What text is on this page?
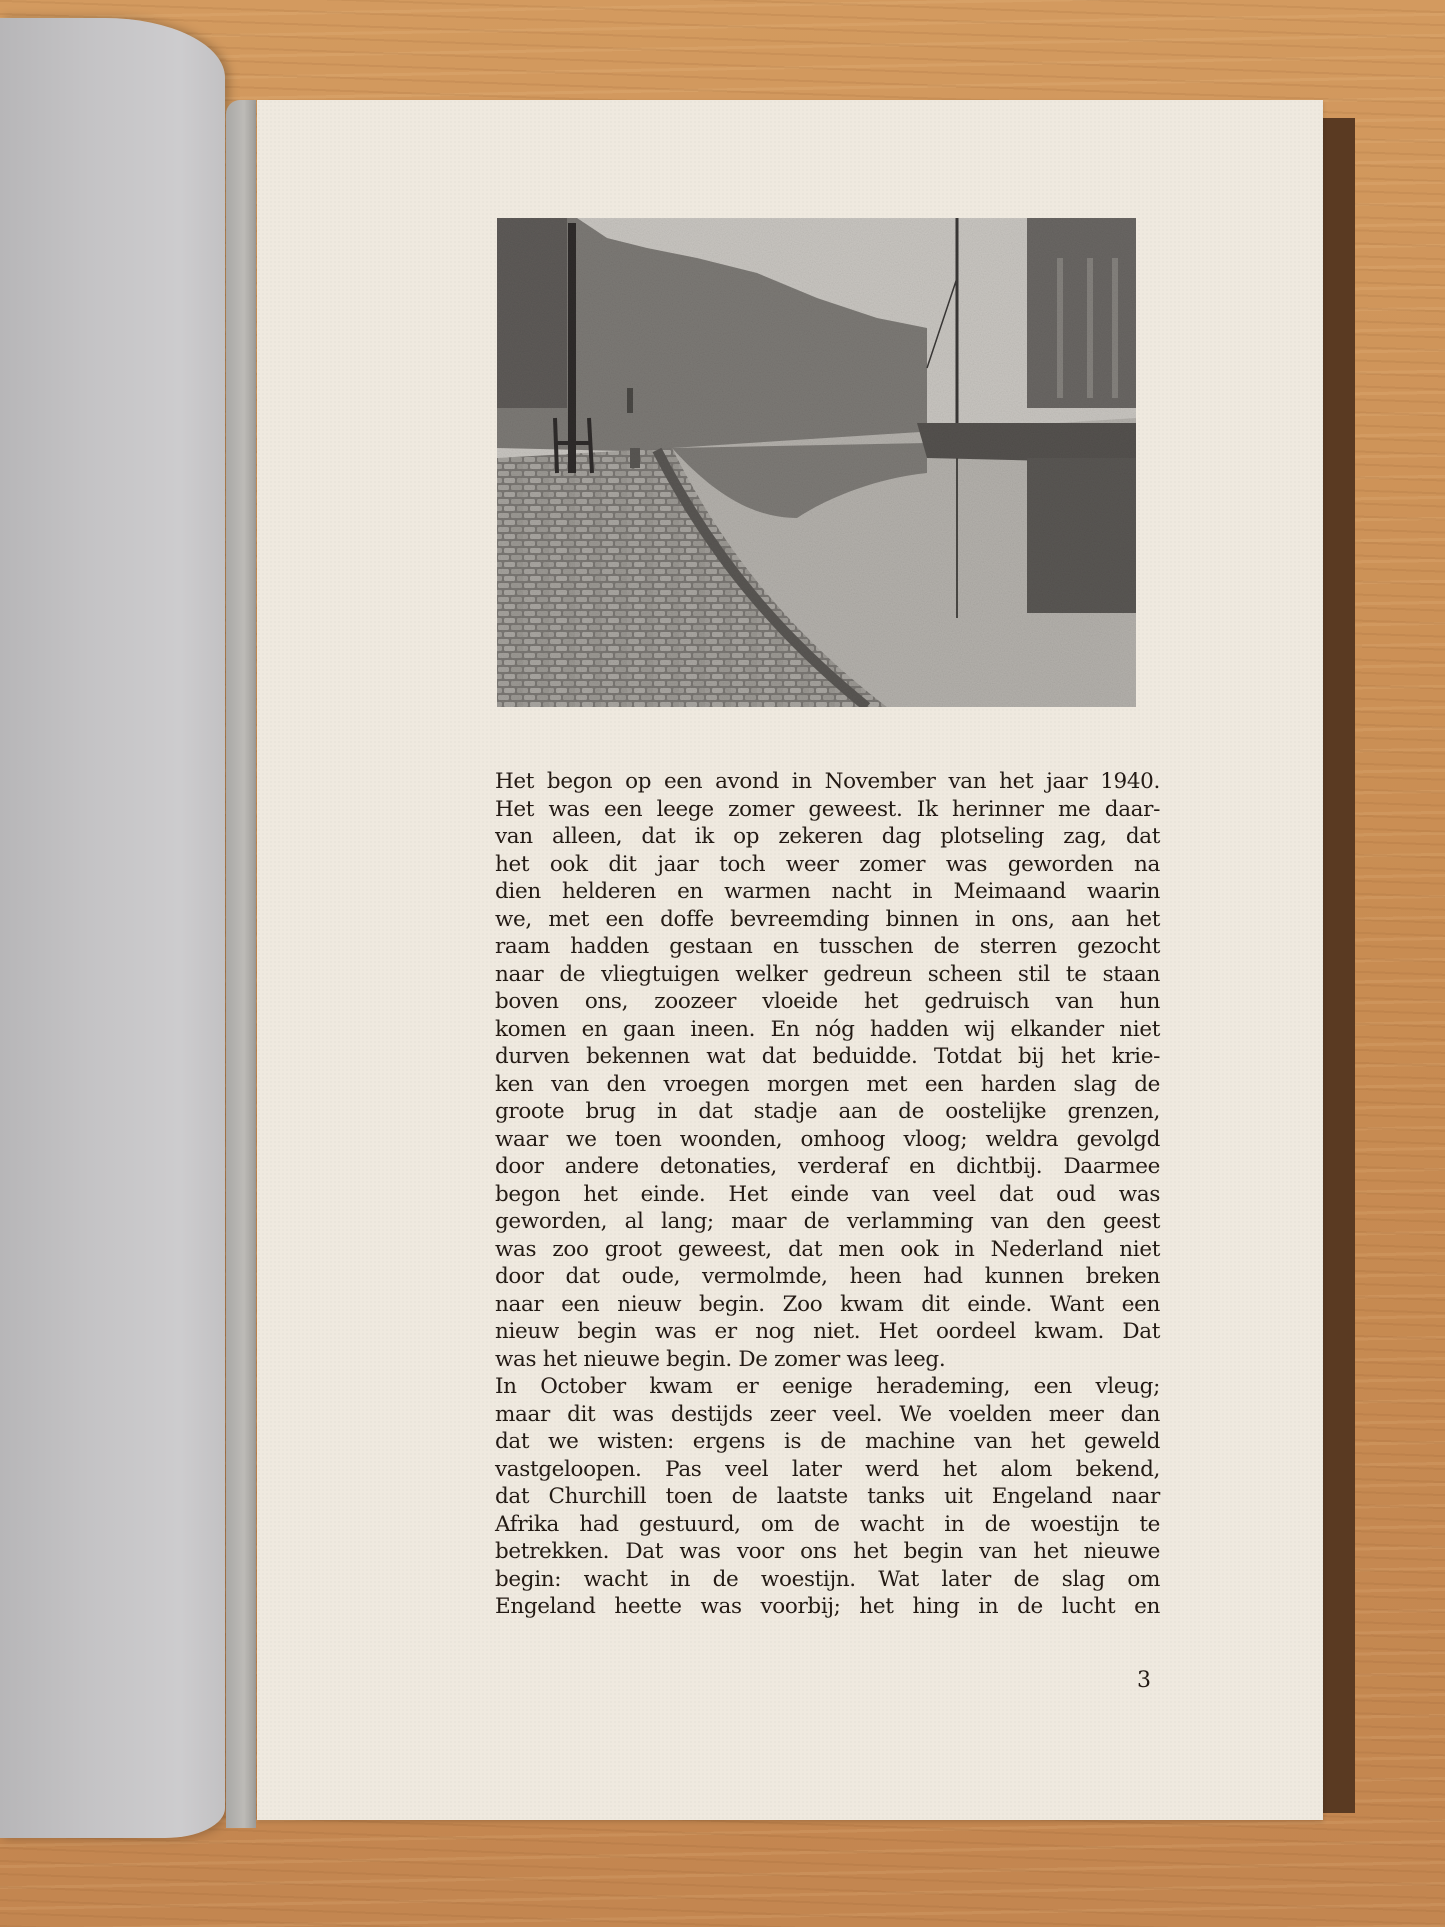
Het begon op een avond in November van het jaar 1940.
Het was een leege zomer geweest. Ik herinner me daar-
van alleen, dat ik op zekeren dag plotseling zag, dat
het ook dit jaar toch weer zomer was geworden na
dien helderen en warmen nacht in Meimaand waarin
we, met een doffe bevreemding binnen in ons, aan het
raam hadden gestaan en tusschen de sterren gezocht
naar de vliegtuigen welker gedreun scheen stil te staan
boven ons, zoozeer vloeide het gedruisch van hun
komen en gaan ineen. En nóg hadden wij elkander niet
durven bekennen wat dat beduidde. Totdat bij het krie-
ken van den vroegen morgen met een harden slag de
groote brug in dat stadje aan de oostelijke grenzen,
waar we toen woonden, omhoog vloog; weldra gevolgd
door andere detonaties, verderaf en dichtbij. Daarmee
begon het einde. Het einde van veel dat oud was
geworden, al lang; maar de verlamming van den geest
was zoo groot geweest, dat men ook in Nederland niet
door dat oude, vermolmde, heen had kunnen breken
naar een nieuw begin. Zoo kwam dit einde. Want een
nieuw begin was er nog niet. Het oordeel kwam. Dat
was het nieuwe begin. De zomer was leeg.
In October kwam er eenige herademing, een vleug;
maar dit was destijds zeer veel. We voelden meer dan
dat we wisten: ergens is de machine van het geweld
vastgeloopen. Pas veel later werd het alom bekend,
dat Churchill toen de laatste tanks uit Engeland naar
Afrika had gestuurd, om de wacht in de woestijn te
betrekken. Dat was voor ons het begin van het nieuwe
begin: wacht in de woestijn. Wat later de slag om
Engeland heette was voorbij; het hing in de lucht en
3
